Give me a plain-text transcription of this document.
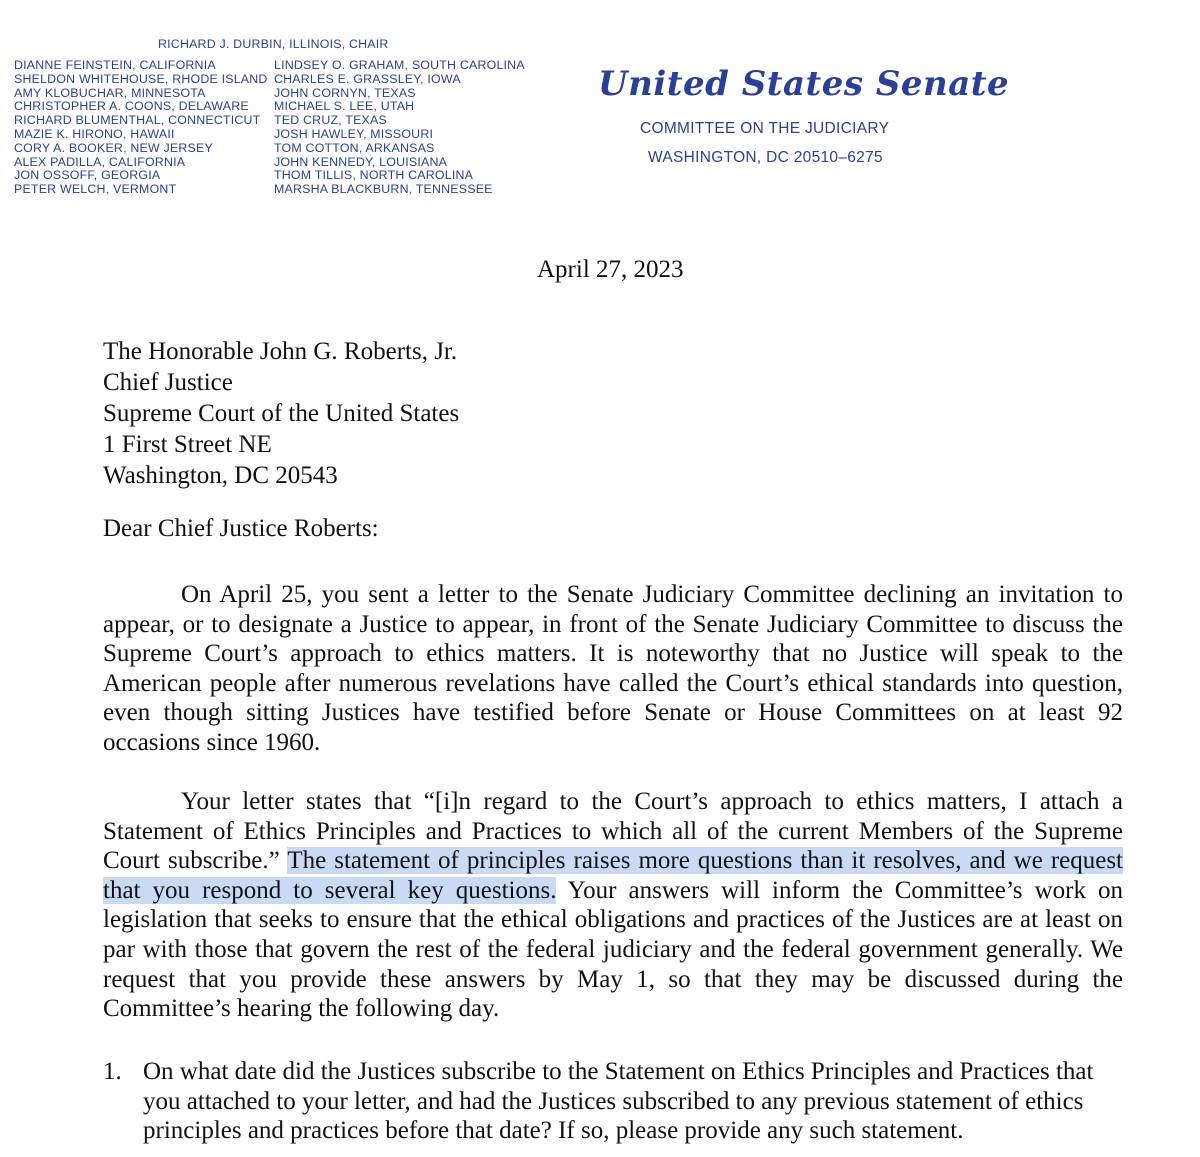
RICHARD J. DURBIN, ILLINOIS, CHAIR
DIANNE FEINSTEIN, CALIFORNIA
SHELDON WHITEHOUSE, RHODE ISLAND
AMY KLOBUCHAR, MINNESOTA
CHRISTOPHER A. COONS, DELAWARE
RICHARD BLUMENTHAL, CONNECTICUT
MAZIE K. HIRONO, HAWAII
CORY A. BOOKER, NEW JERSEY
ALEX PADILLA, CALIFORNIA
JON OSSOFF, GEORGIA
PETER WELCH, VERMONT
LINDSEY O. GRAHAM, SOUTH CAROLINA
CHARLES E. GRASSLEY, IOWA
JOHN CORNYN, TEXAS
MICHAEL S. LEE, UTAH
TED CRUZ, TEXAS
JOSH HAWLEY, MISSOURI
TOM COTTON, ARKANSAS
JOHN KENNEDY, LOUISIANA
THOM TILLIS, NORTH CAROLINA
MARSHA BLACKBURN, TENNESSEE
United States Senate
COMMITTEE ON THE JUDICIARY
WASHINGTON, DC 20510–6275
April 27, 2023
The Honorable John G. Roberts, Jr.
Chief Justice
Supreme Court of the United States
1 First Street NE
Washington, DC 20543
Dear Chief Justice Roberts:
On April 25, you sent a letter to the Senate Judiciary Committee declining an invitation to appear, or to designate a Justice to appear, in front of the Senate Judiciary Committee to discuss the Supreme Court’s approach to ethics matters. It is noteworthy that no Justice will speak to the American people after numerous revelations have called the Court’s ethical standards into question, even though sitting Justices have testified before Senate or House Committees on at least 92 occasions since 1960.
Your letter states that “[i]n regard to the Court’s approach to ethics matters, I attach a Statement of Ethics Principles and Practices to which all of the current Members of the Supreme Court subscribe.” The statement of principles raises more questions than it resolves, and we request that you respond to several key questions. Your answers will inform the Committee’s work on legislation that seeks to ensure that the ethical obligations and practices of the Justices are at least on par with those that govern the rest of the federal judiciary and the federal government generally. We request that you provide these answers by May 1, so that they may be discussed during the Committee’s hearing the following day.
1. On what date did the Justices subscribe to the Statement on Ethics Principles and Practices that you attached to your letter, and had the Justices subscribed to any previous statement of ethics principles and practices before that date? If so, please provide any such statement.
